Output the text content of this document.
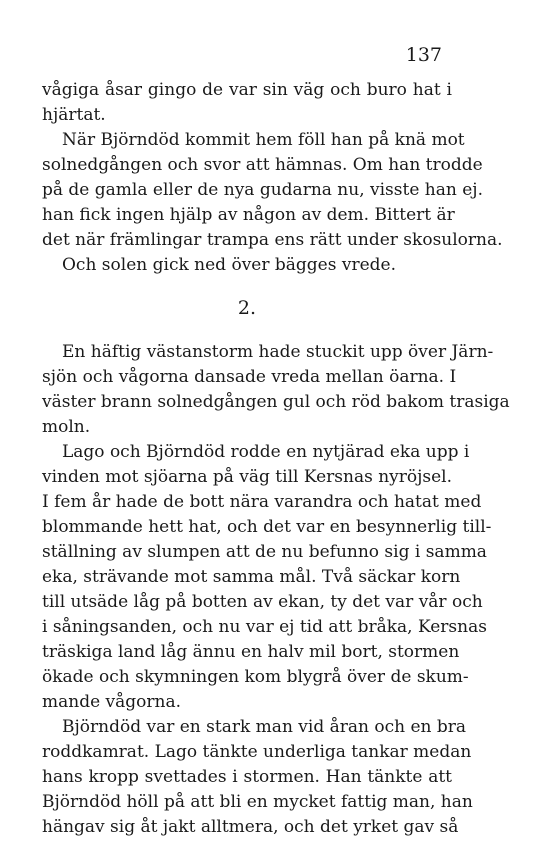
137
vågiga åsar gingo de var sin väg och buro hat i
hjärtat.
När Björndöd kommit hem föll han på knä mot
solnedgången och svor att hämnas. Om han trodde
på de gamla eller de nya gudarna nu, visste han ej.
han fick ingen hjälp av någon av dem. Bittert är
det när främlingar trampa ens rätt under skosulorna.
Och solen gick ned över bägges vrede.
2.
En häftig västanstorm hade stuckit upp över Järn-
sjön och vågorna dansade vreda mellan öarna. I
väster brann solnedgången gul och röd bakom trasiga
moln.
Lago och Björndöd rodde en nytjärad eka upp i
vinden mot sjöarna på väg till Kersnas nyröjsel.
I fem år hade de bott nära varandra och hatat med
blommande hett hat, och det var en besynnerlig till-
ställning av slumpen att de nu befunno sig i samma
eka, strävande mot samma mål. Två säckar korn
till utsäde låg på botten av ekan, ty det var vår och
i såningsanden, och nu var ej tid att bråka, Kersnas
träskiga land låg ännu en halv mil bort, stormen
ökade och skymningen kom blygrå över de skum-
mande vågorna.
Björndöd var en stark man vid åran och en bra
roddkamrat. Lago tänkte underliga tankar medan
hans kropp svettades i stormen. Han tänkte att
Björndöd höll på att bli en mycket fattig man, han
hängav sig åt jakt alltmera, och det yrket gav så
